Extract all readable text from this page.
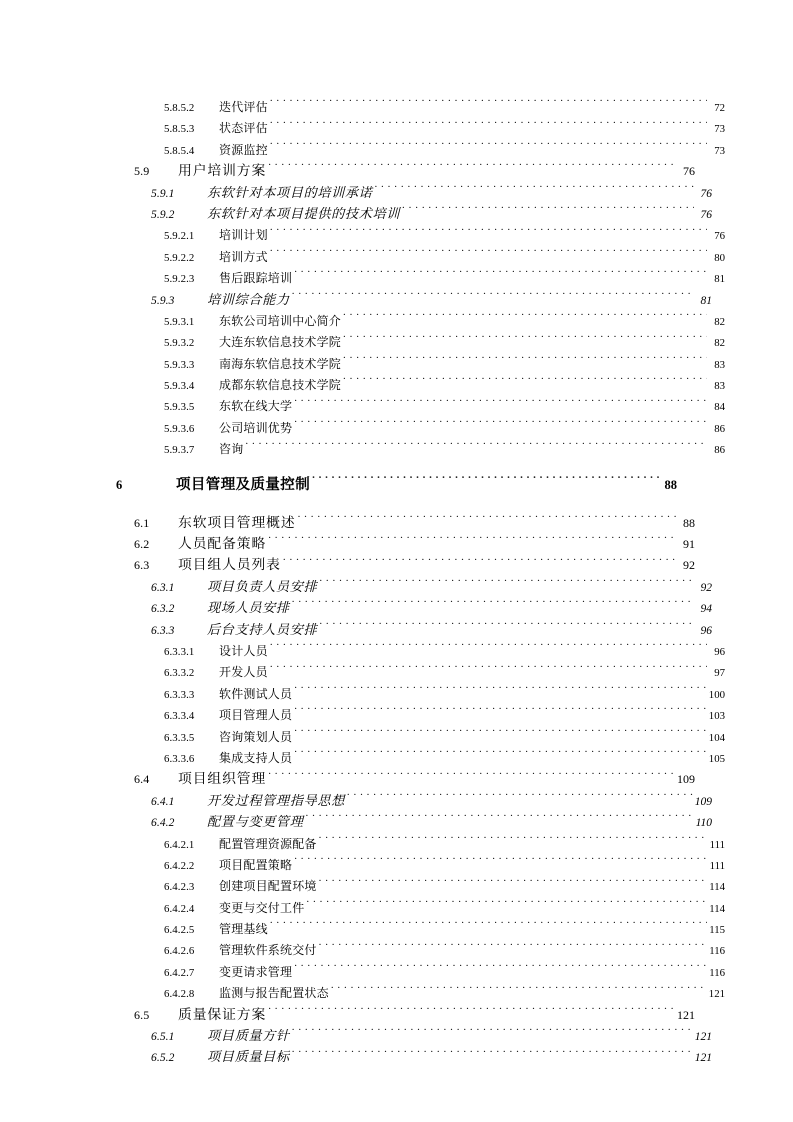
5.8.5.2	迭代评估 . . .	72
5.8.5.3	状态评估 . . .	73
5.8.5.4	资源监控 . . .	73
5.9	用户培训方案 . . .	76
5.9.1	东软针对本项目的培训承诺 . . .	76
5.9.2	东软针对本项目提供的技术培训 . . .	76
5.9.2.1	培训计划 . . .	76
5.9.2.2	培训方式 . . .	80
5.9.2.3	售后跟踪培训 . . .	81
5.9.3	培训综合能力 . . .	81
5.9.3.1	东软公司培训中心简介 . . .	82
5.9.3.2	大连东软信息技术学院 . . .	82
5.9.3.3	南海东软信息技术学院 . . .	83
5.9.3.4	成都东软信息技术学院 . . .	83
5.9.3.5	东软在线大学 . . .	84
5.9.3.6	公司培训优势 . . .	86
5.9.3.7	咨询 . . .	86
6	项目管理及质量控制 . . .	88
6.1	东软项目管理概述 . . .	88
6.2	人员配备策略 . . .	91
6.3	项目组人员列表 . . .	92
6.3.1	项目负责人员安排 . . .	92
6.3.2	现场人员安排 . . .	94
6.3.3	后台支持人员安排 . . .	96
6.3.3.1	设计人员 . . .	96
6.3.3.2	开发人员 . . .	97
6.3.3.3	软件测试人员 . . .	100
6.3.3.4	项目管理人员 . . .	103
6.3.3.5	咨询策划人员 . . .	104
6.3.3.6	集成支持人员 . . .	105
6.4	项目组织管理 . . .	109
6.4.1	开发过程管理指导思想 . . .	109
6.4.2	配置与变更管理 . . .	110
6.4.2.1	配置管理资源配备 . . .	111
6.4.2.2	项目配置策略 . . .	111
6.4.2.3	创建项目配置环境 . . .	114
6.4.2.4	变更与交付工件 . . .	114
6.4.2.5	管理基线 . . .	115
6.4.2.6	管理软件系统交付 . . .	116
6.4.2.7	变更请求管理 . . .	116
6.4.2.8	监测与报告配置状态 . . .	121
6.5	质量保证方案 . . .	121
6.5.1	项目质量方针 . . .	121
6.5.2	项目质量目标 . . .	121
